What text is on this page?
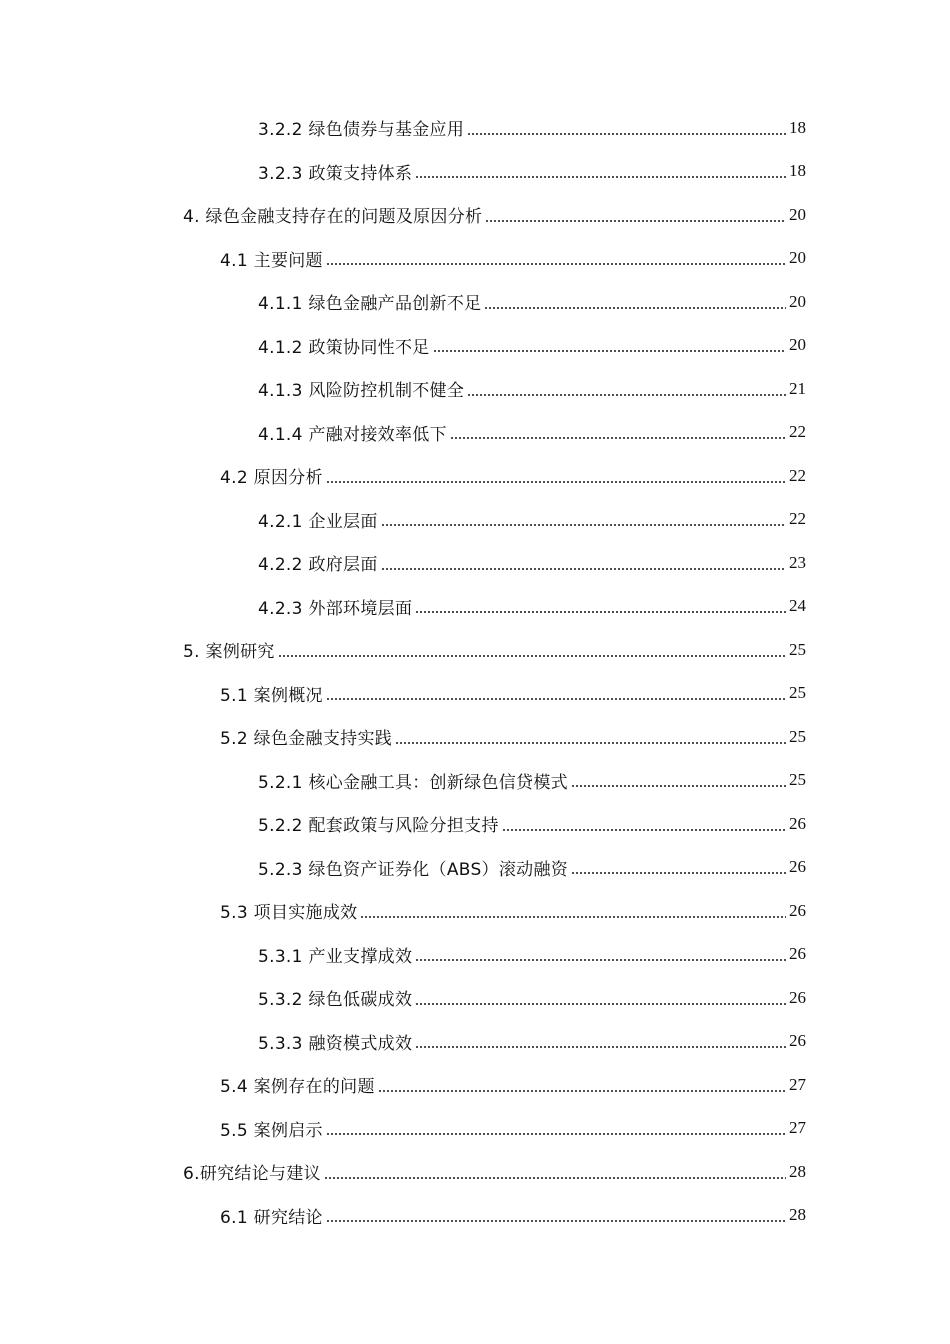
3.2.2 绿色债券与基金应用	18
3.2.3 政策支持体系	18
4. 绿色金融支持存在的问题及原因分析	20
4.1 主要问题	20
4.1.1 绿色金融产品创新不足	20
4.1.2 政策协同性不足	20
4.1.3 风险防控机制不健全	21
4.1.4 产融对接效率低下	22
4.2 原因分析	22
4.2.1 企业层面	22
4.2.2 政府层面	23
4.2.3 外部环境层面	24
5. 案例研究	25
5.1 案例概况	25
5.2 绿色金融支持实践	25
5.2.1 核心金融工具：创新绿色信贷模式	25
5.2.2 配套政策与风险分担支持	26
5.2.3 绿色资产证券化（ABS）滚动融资	26
5.3 项目实施成效	26
5.3.1 产业支撑成效	26
5.3.2 绿色低碳成效	26
5.3.3 融资模式成效	26
5.4 案例存在的问题	27
5.5 案例启示	27
6.研究结论与建议	28
6.1 研究结论	28
